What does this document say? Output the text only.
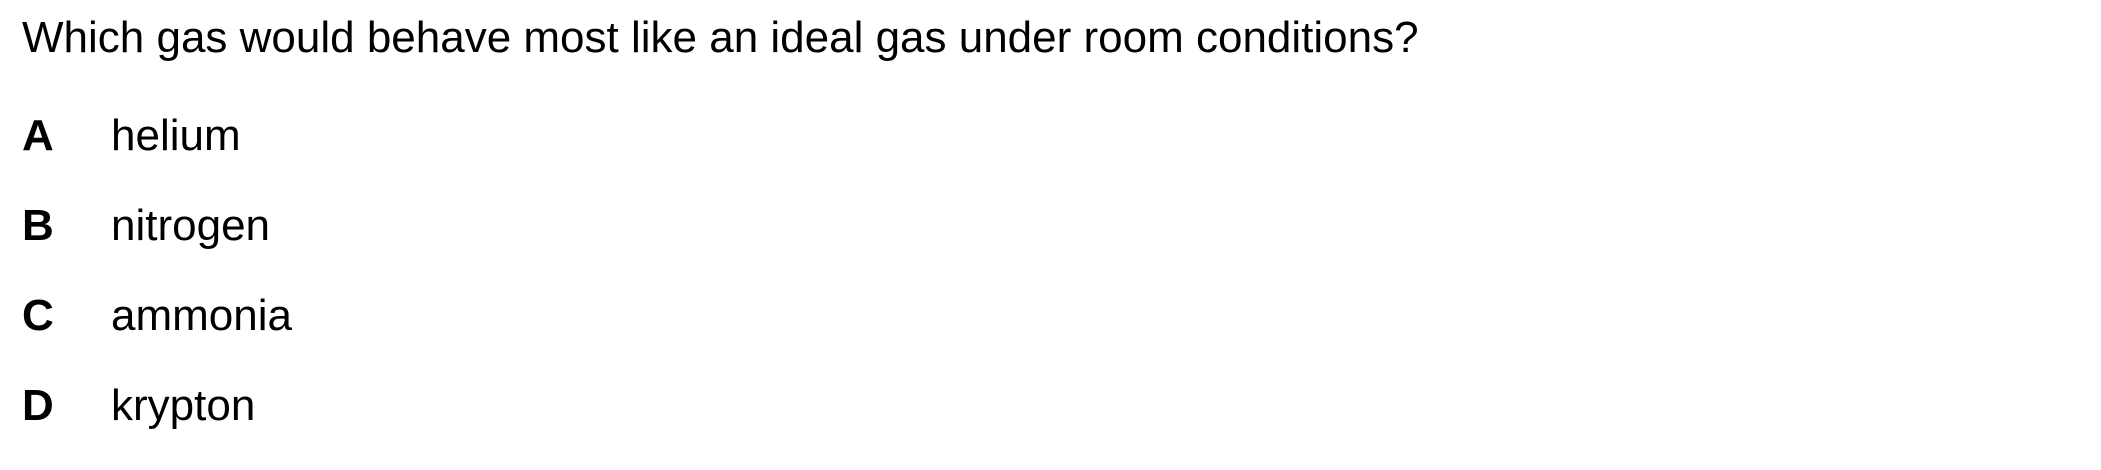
Which gas would behave most like an ideal gas under room conditions?
A	helium
B	nitrogen
C	ammonia
D	krypton
